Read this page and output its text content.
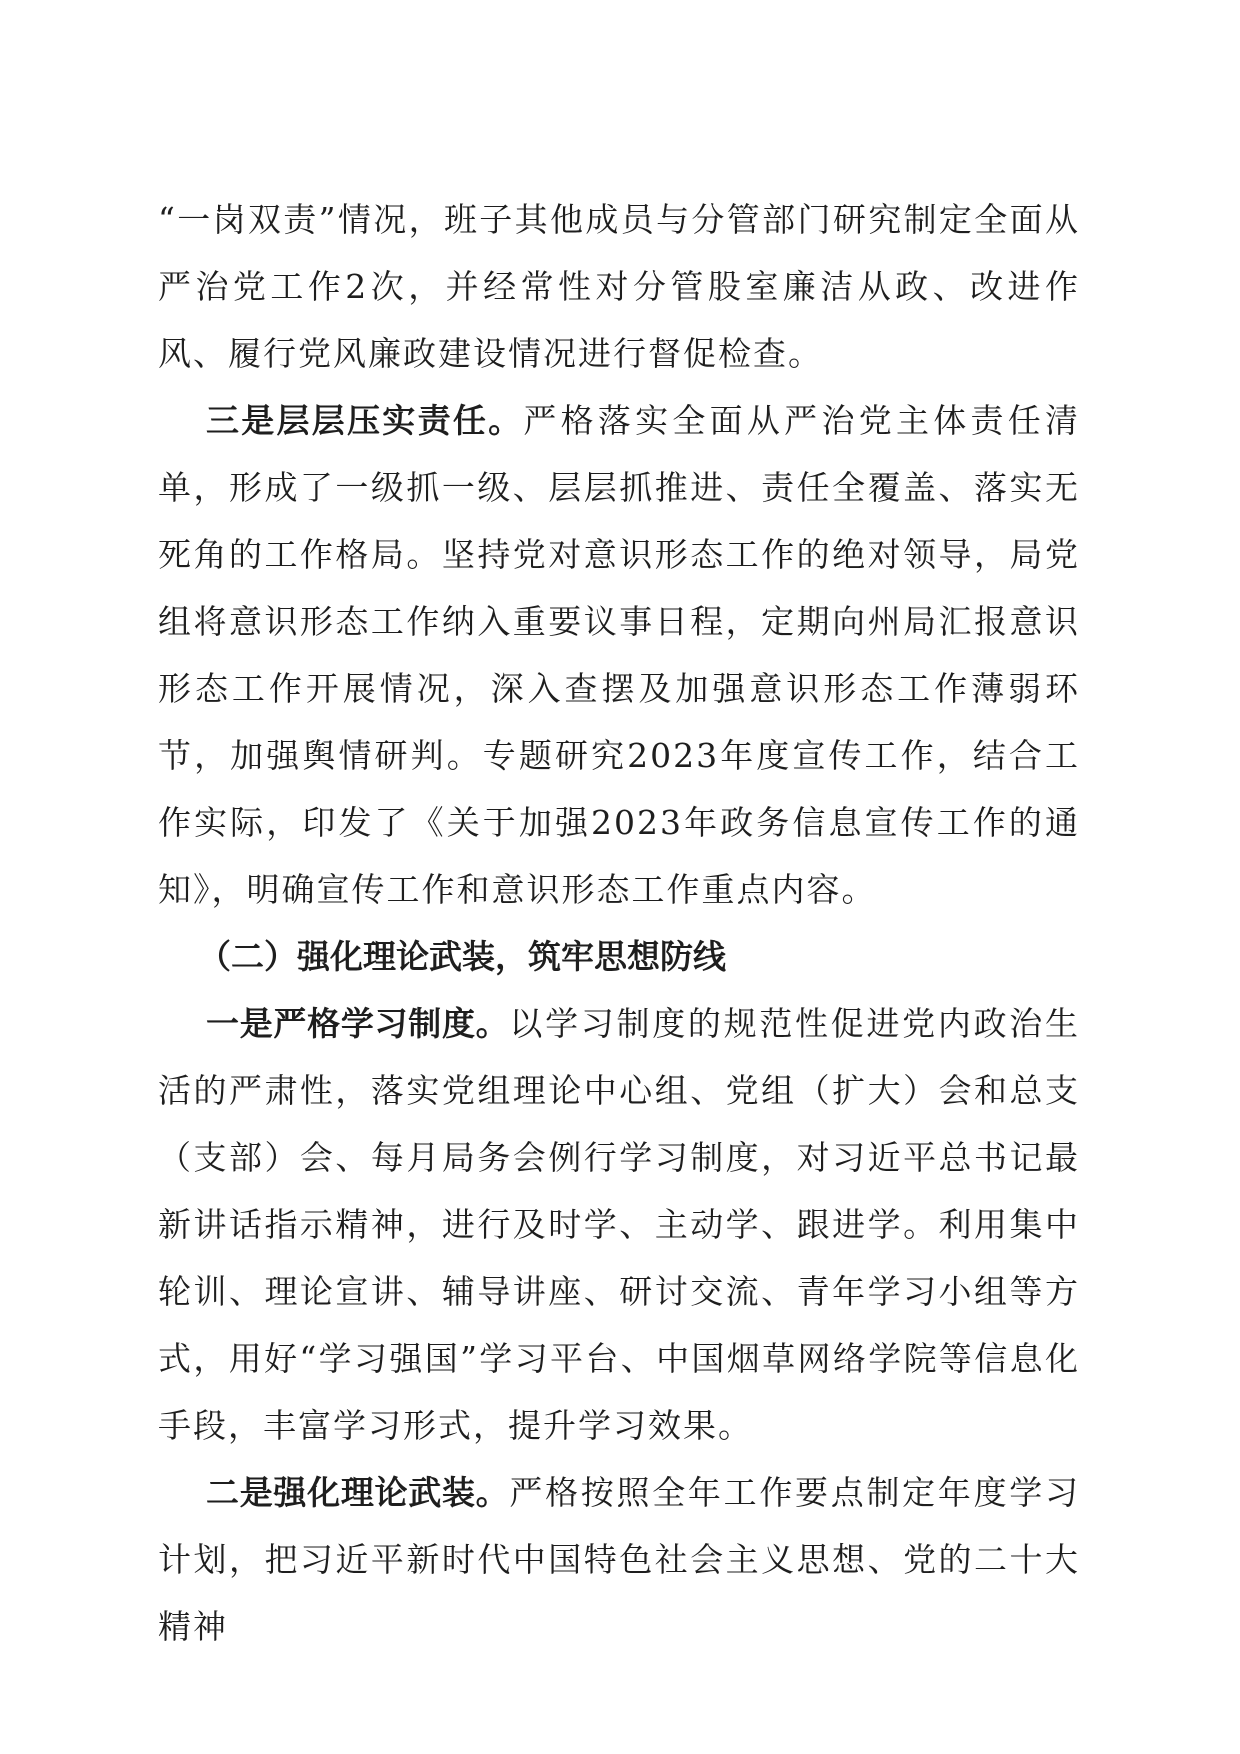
“一岗双责”情况，班子其他成员与分管部门研究制定全面从严治党工作2次，并经常性对分管股室廉洁从政、改进作风、履行党风廉政建设情况进行督促检查。

三是层层压实责任。严格落实全面从严治党主体责任清单，形成了一级抓一级、层层抓推进、责任全覆盖、落实无死角的工作格局。坚持党对意识形态工作的绝对领导，局党组将意识形态工作纳入重要议事日程，定期向州局汇报意识形态工作开展情况，深入查摆及加强意识形态工作薄弱环节，加强舆情研判。专题研究2023年度宣传工作，结合工作实际，印发了《关于加强2023年政务信息宣传工作的通知》，明确宣传工作和意识形态工作重点内容。

（二）强化理论武装，筑牢思想防线

一是严格学习制度。以学习制度的规范性促进党内政治生活的严肃性，落实党组理论中心组、党组（扩大）会和总支（支部）会、每月局务会例行学习制度，对习近平总书记最新讲话指示精神，进行及时学、主动学、跟进学。利用集中轮训、理论宣讲、辅导讲座、研讨交流、青年学习小组等方式，用好“学习强国”学习平台、中国烟草网络学院等信息化手段，丰富学习形式，提升学习效果。

二是强化理论武装。严格按照全年工作要点制定年度学习计划，把习近平新时代中国特色社会主义思想、党的二十大精神
